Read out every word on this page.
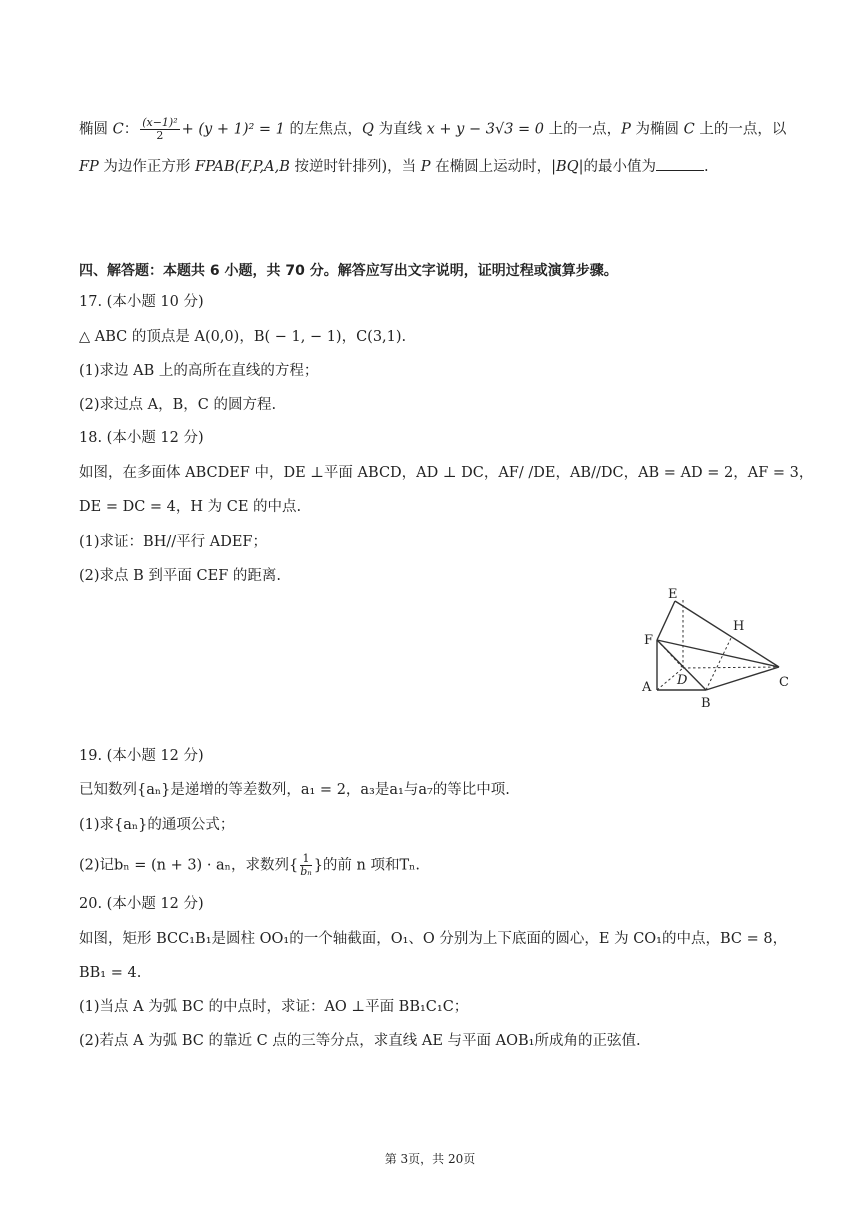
椭圆 C： $\frac{\text{(x−1)²}}{2} + (y + 1)^2 = 1$ 的左焦点，Q 为直线 x + y − 3√3 = 0 上的一点，P 为椭圆 C 上的一点，以
FP 为边作正方形 FPAB(F,P,A,B 按逆时针排列)，当 P 在椭圆上运动时，|BQ|的最小值为	.
四、解答题：本题共 6 小题，共 70 分。解答应写出文字说明，证明过程或演算步骤。
17. (本小题 10 分)
△ ABC 的顶点是 A(0,0)，B( − 1, − 1)，C(3,1).
(1)求边 AB 上的高所在直线的方程；
(2)求过点 A，B，C 的圆方程.
18. (本小题 12 分)
如图，在多面体 ABCDEF 中，DE ⊥平面 ABCD，AD ⊥ DC，AF/ /DE，AB//DC，AB = AD = 2，AF = 3，
DE = DC = 4，H 为 CE 的中点.
(1)求证：BH//平行 ADEF；
(2)求点 B 到平面 CEF 的距离.
E
H
F
D	C
A
B
19. (本小题 12 分)
已知数列{aₙ}是递增的等差数列，a₁ = 2，a₃是a₁与a₇的等比中项.
(1)求{aₙ}的通项公式；
(2)记bₙ = (n + 3) · aₙ，求数列{ $\frac{1}{\text{bₙ}}$ }的前 n 项和Tₙ.
20. (本小题 12 分)
如图，矩形 BCC₁B₁是圆柱 OO₁的一个轴截面，O₁、O 分别为上下底面的圆心，E 为 CO₁的中点，BC = 8，
BB₁ = 4.
(1)当点 A 为弧 BC 的中点时，求证：AO ⊥平面 BB₁C₁C；
(2)若点 A 为弧 BC 的靠近 C 点的三等分点，求直线 AE 与平面 AOB₁所成角的正弦值.
第 3页，共 20页
